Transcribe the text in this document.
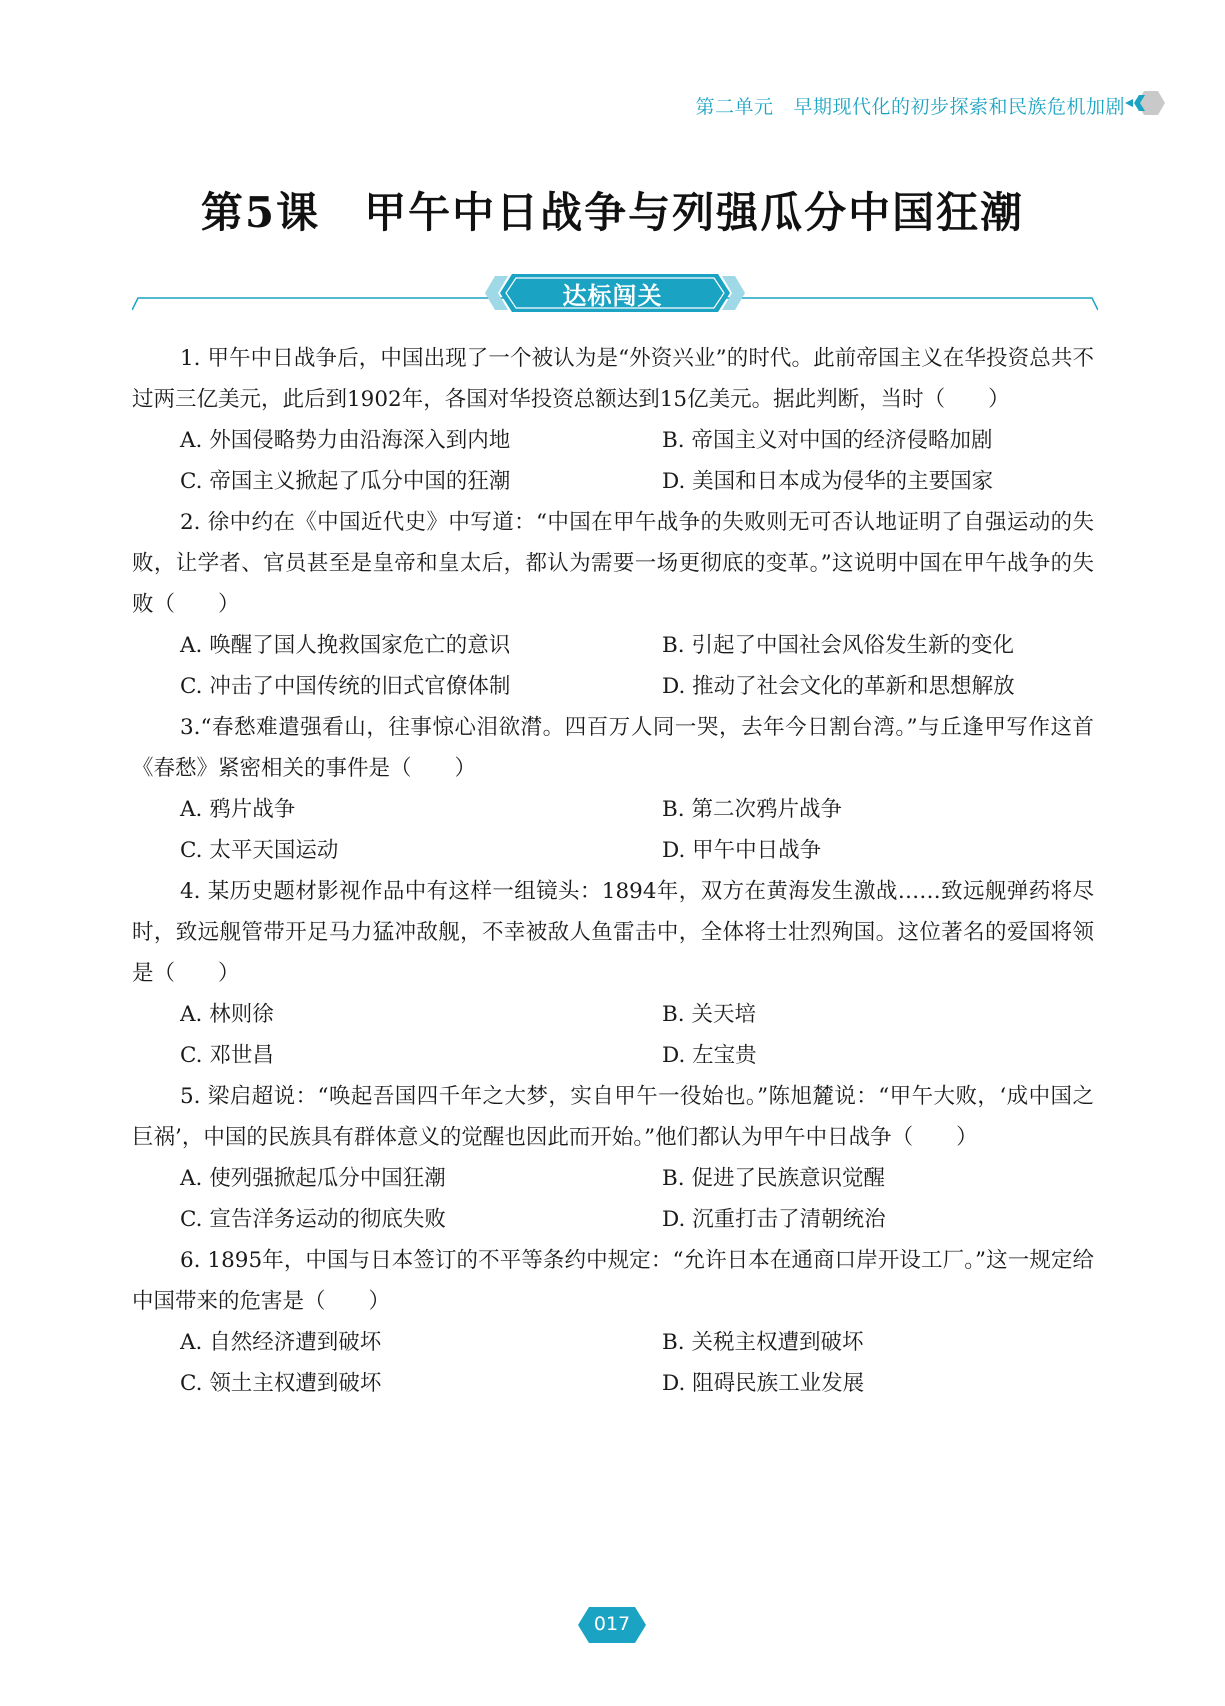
第二单元 早期现代化的初步探索和民族危机加剧
第5课 甲午中日战争与列强瓜分中国狂潮
达标闯关

1. 甲午中日战争后，中国出现了一个被认为是“外资兴业”的时代。此前帝国主义在华投资总共不过两三亿美元，此后到1902年，各国对华投资总额达到15亿美元。据此判断，当时（　　）

A. 外国侵略势力由沿海深入到内地	B. 帝国主义对中国的经济侵略加剧
C. 帝国主义掀起了瓜分中国的狂潮	D. 美国和日本成为侵华的主要国家

2. 徐中约在《中国近代史》中写道：“中国在甲午战争的失败则无可否认地证明了自强运动的失败，让学者、官员甚至是皇帝和皇太后，都认为需要一场更彻底的变革。”这说明中国在甲午战争的失败（　　）

A. 唤醒了国人挽救国家危亡的意识	B. 引起了中国社会风俗发生新的变化
C. 冲击了中国传统的旧式官僚体制	D. 推动了社会文化的革新和思想解放

3.“春愁难遣强看山，往事惊心泪欲潸。四百万人同一哭，去年今日割台湾。”与丘逢甲写作这首《春愁》紧密相关的事件是（　　）

A. 鸦片战争	B. 第二次鸦片战争
C. 太平天国运动	D. 甲午中日战争

4. 某历史题材影视作品中有这样一组镜头：1894年，双方在黄海发生激战……致远舰弹药将尽时，致远舰管带开足马力猛冲敌舰，不幸被敌人鱼雷击中，全体将士壮烈殉国。这位著名的爱国将领是（　　）

A. 林则徐	B. 关天培
C. 邓世昌	D. 左宝贵

5. 梁启超说：“唤起吾国四千年之大梦，实自甲午一役始也。”陈旭麓说：“甲午大败，‘成中国之巨祸’，中国的民族具有群体意义的觉醒也因此而开始。”他们都认为甲午中日战争（　　）

A. 使列强掀起瓜分中国狂潮	B. 促进了民族意识觉醒
C. 宣告洋务运动的彻底失败	D. 沉重打击了清朝统治

6. 1895年，中国与日本签订的不平等条约中规定：“允许日本在通商口岸开设工厂。”这一规定给中国带来的危害是（　　）

A. 自然经济遭到破坏	B. 关税主权遭到破坏
C. 领土主权遭到破坏	D. 阻碍民族工业发展
017
